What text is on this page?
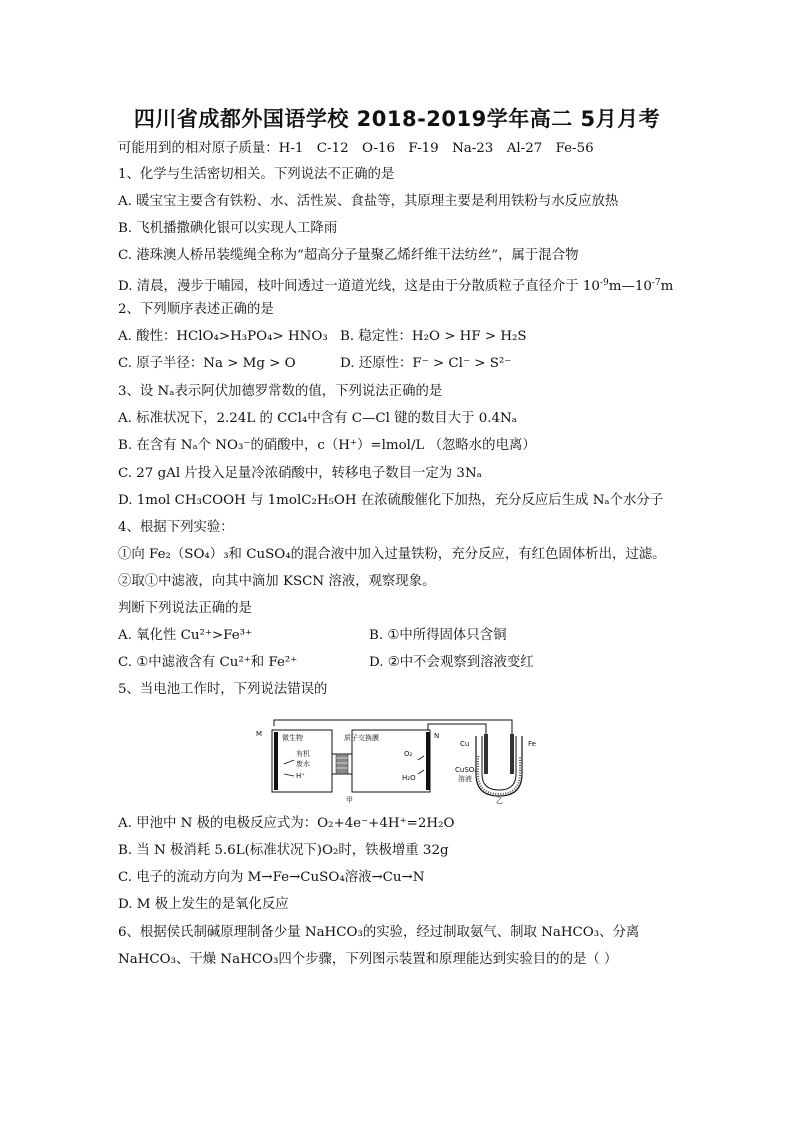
四川省成都外国语学校 2018-2019学年高二 5月月考
可能用到的相对原子质量：H-1　C-12　O-16　F-19　Na-23　Al-27　Fe-56
1、化学与生活密切相关。下列说法不正确的是
A. 暖宝宝主要含有铁粉、水、活性炭、食盐等，其原理主要是利用铁粉与水反应放热
B. 飞机播撒碘化银可以实现人工降雨
C. 港珠澳人桥吊装缆绳全称为“超高分子量聚乙烯纤维干法纺丝”，属于混合物
D. 清晨，漫步于晡园，枝叶间透过一道道光线，这是由于分散质粒子直径介于 $10^{-9}m—10^{-7}m$
2、下列顺序表述正确的是
A. 酸性：HClO₄>H₃PO₄> HNO₃ B. 稳定性：H₂O > HF > H₂S
C. 原子半径：Na > Mg > O	D. 还原性：F⁻ > Cl⁻ > S²⁻
3、设 Nₐ表示阿伏加德罗常数的值，下列说法正确的是
A. 标准状况下，2.24L 的 CCl₄中含有 C—Cl 键的数目大于 0.4Nₐ
B. 在含有 Nₐ个 NO₃⁻的硝酸中，c（H⁺）=lmol/L （忽略水的电离）
C. 27 gAl 片投入足量冷浓硝酸中，转移电子数目一定为 3Nₐ
D. 1mol CH₃COOH 与 1molC₂H₅OH 在浓硫酸催化下加热，充分反应后生成 Nₐ个水分子
4、根据下列实验：
①向 Fe₂（SO₄）₃和 CuSO₄的混合液中加入过量铁粉，充分反应，有红色固体析出，过滤。
②取①中滤液，向其中滴加 KSCN 溶液，观察现象。
判断下列说法正确的是
A. 氧化性 Cu²⁺>Fe³⁺	B. ①中所得固体只含铜
C. ①中滤液含有 Cu²⁺和 Fe²⁺	D. ②中不会观察到溶液变红
5、当电池工作时，下列说法错误的
M	微生物
有机
废水
H⁺
质子交换膜
O₂
H₂O
N
甲
Cu	Fe
CuSO₄
溶液
乙
A. 甲池中 N 极的电极反应式为：O₂+4e⁻+4H⁺=2H₂O
B. 当 N 极消耗 5.6L(标准状况下)O₂时，铁极增重 32g
C. 电子的流动方向为 M→Fe→CuSO₄溶液→Cu→N
D. M 极上发生的是氧化反应
6、根据侯氏制碱原理制备少量 NaHCO₃的实验，经过制取氨气、制取 NaHCO₃、分离
NaHCO₃、干燥 NaHCO₃四个步骤，下列图示装置和原理能达到实验目的的是（ ）
